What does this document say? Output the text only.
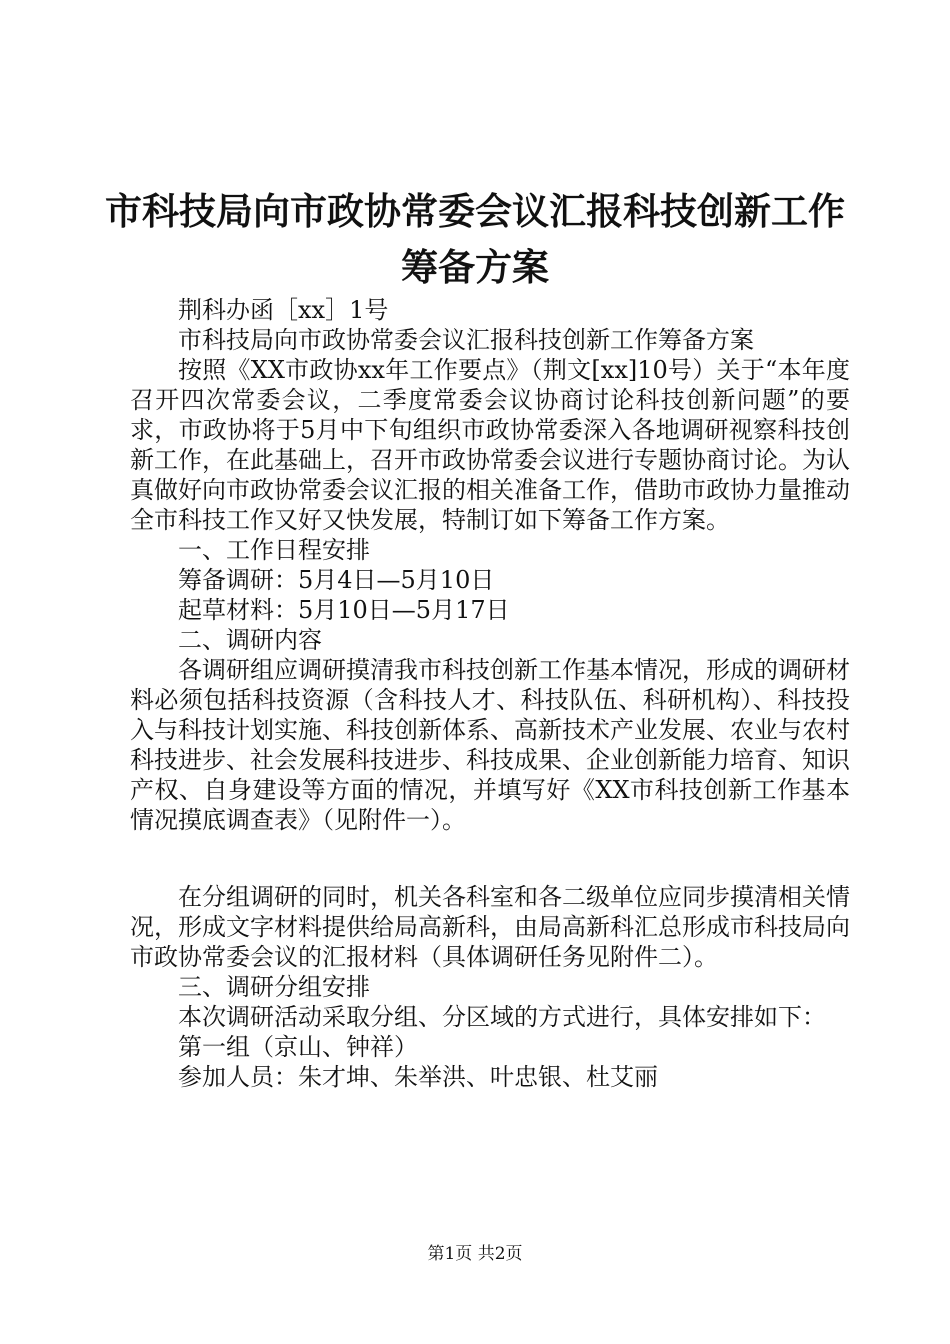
市科技局向市政协常委会议汇报科技创新工作
筹备方案

荆科办函［xx］1号

市科技局向市政协常委会议汇报科技创新工作筹备方案

按照《XX市政协xx年工作要点》（荆文[xx]10号）关于“本年度召开四次常委会议，二季度常委会议协商讨论科技创新问题”的要求，市政协将于5月中下旬组织市政协常委深入各地调研视察科技创新工作，在此基础上，召开市政协常委会议进行专题协商讨论。为认真做好向市政协常委会议汇报的相关准备工作，借助市政协力量推动全市科技工作又好又快发展，特制订如下筹备工作方案。

一、工作日程安排

筹备调研：5月4日—5月10日

起草材料：5月10日—5月17日

二、调研内容

各调研组应调研摸清我市科技创新工作基本情况，形成的调研材料必须包括科技资源（含科技人才、科技队伍、科研机构）、科技投入与科技计划实施、科技创新体系、高新技术产业发展、农业与农村科技进步、社会发展科技进步、科技成果、企业创新能力培育、知识产权、自身建设等方面的情况，并填写好《XX市科技创新工作基本情况摸底调查表》（见附件一）。

在分组调研的同时，机关各科室和各二级单位应同步摸清相关情况，形成文字材料提供给局高新科，由局高新科汇总形成市科技局向市政协常委会议的汇报材料（具体调研任务见附件二）。

三、调研分组安排

本次调研活动采取分组、分区域的方式进行，具体安排如下：

第一组（京山、钟祥）

参加人员：朱才坤、朱举洪、叶忠银、杜艾丽

第1页 共2页
